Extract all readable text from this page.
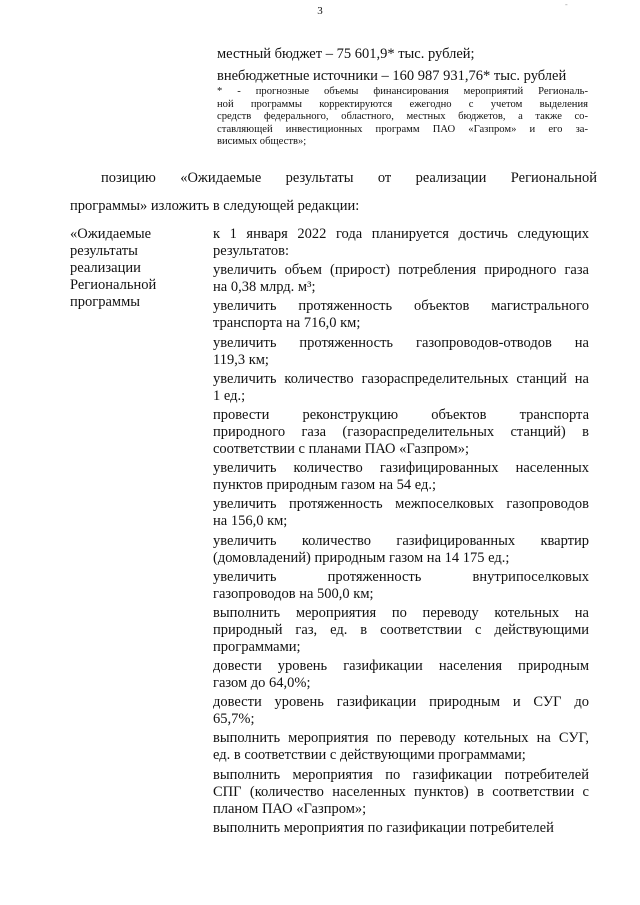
3
местный бюджет – 75 601,9* тыс. рублей;
внебюджетные источники – 160 987 931,76* тыс. рублей
* - прогнозные объемы финансирования мероприятий Региональ-
ной программы корректируются ежегодно с учетом выделения
средств федерального, областного, местных бюджетов, а также со-
ставляющей инвестиционных программ ПАО «Газпром» и его за-
висимых обществ»;
позицию «Ожидаемые результаты от реализации Региональной
программы» изложить в следующей редакции:
«Ожидаемые
результаты
реализации
Региональной
программы

к 1 января 2022 года планируется достичь следующих
результатов:

увеличить объем (прирост) потребления природного газа
на 0,38 млрд. м³;

увеличить протяженность объектов магистрального
транспорта на 716,0 км;

увеличить протяженность газопроводов-отводов на
119,3 км;

увеличить количество газораспределительных станций на
1 ед.;

провести реконструкцию объектов транспорта
природного газа (газораспределительных станций) в
соответствии с планами ПАО «Газпром»;

увеличить количество газифицированных населенных
пунктов природным газом на 54 ед.;

увеличить протяженность межпоселковых газопроводов
на 156,0 км;

увеличить количество газифицированных квартир
(домовладений) природным газом на 14 175 ед.;

увеличить протяженность внутрипоселковых
газопроводов на 500,0 км;

выполнить мероприятия по переводу котельных на
природный газ, ед. в соответствии с действующими
программами;

довести уровень газификации населения природным
газом до 64,0%;

довести уровень газификации природным и СУГ до
65,7%;

выполнить мероприятия по переводу котельных на СУГ,
ед. в соответствии с действующими программами;

выполнить мероприятия по газификации потребителей
СПГ (количество населенных пунктов) в соответствии с
планом ПАО «Газпром»;

выполнить мероприятия по газификации потребителей

-
